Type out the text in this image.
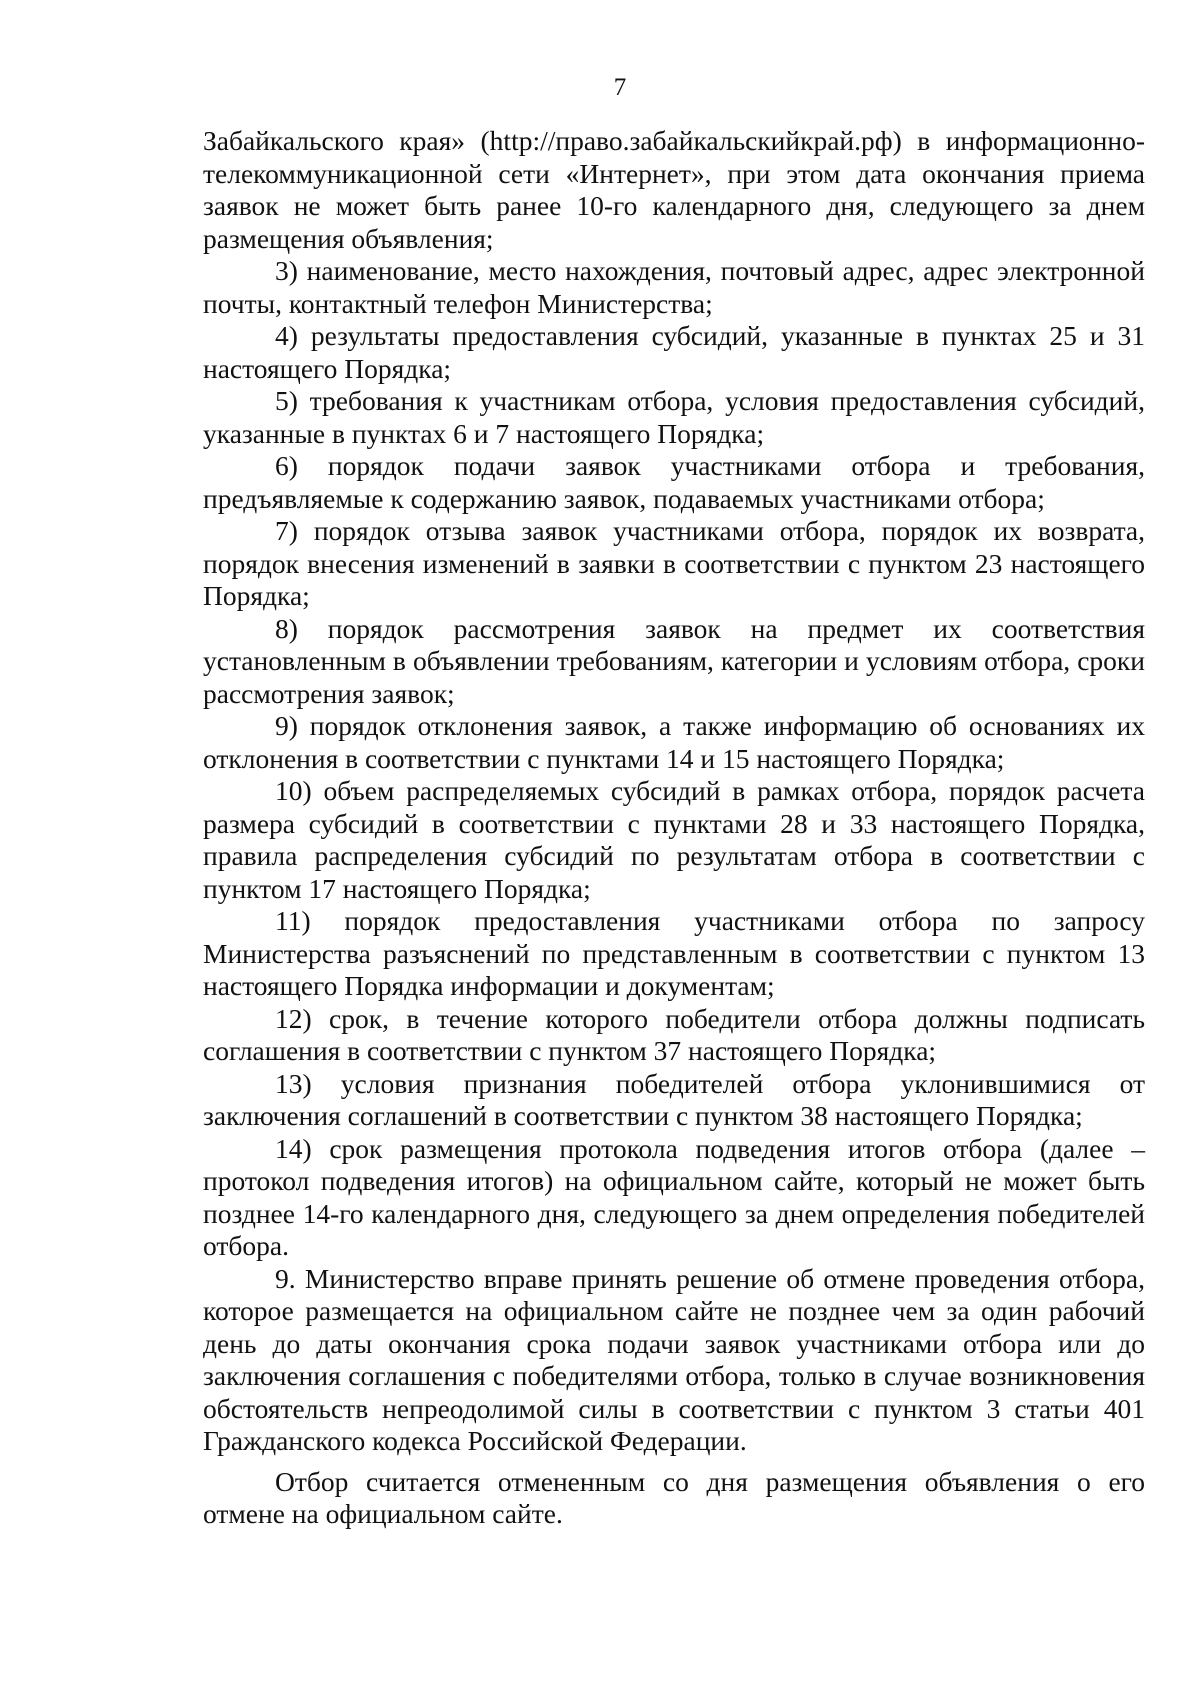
7

Забайкальского края» (http://право.забайкальскийкрай.рф) в информационно-телекоммуникационной сети «Интернет», при этом дата окончания приема заявок не может быть ранее 10-го календарного дня, следующего за днем размещения объявления;

3) наименование, место нахождения, почтовый адрес, адрес электронной почты, контактный телефон Министерства;

4) результаты предоставления субсидий, указанные в пунктах 25 и 31 настоящего Порядка;

5) требования к участникам отбора, условия предоставления субсидий, указанные в пунктах 6 и 7 настоящего Порядка;

6) порядок подачи заявок участниками отбора и требования, предъявляемые к содержанию заявок, подаваемых участниками отбора;

7) порядок отзыва заявок участниками отбора, порядок их возврата, порядок внесения изменений в заявки в соответствии с пунктом 23 настоящего Порядка;

8) порядок рассмотрения заявок на предмет их соответствия установленным в объявлении требованиям, категории и условиям отбора, сроки рассмотрения заявок;

9) порядок отклонения заявок, а также информацию об основаниях их отклонения в соответствии с пунктами 14 и 15 настоящего Порядка;

10) объем распределяемых субсидий в рамках отбора, порядок расчета размера субсидий в соответствии с пунктами 28 и 33 настоящего Порядка, правила распределения субсидий по результатам отбора в соответствии с пунктом 17 настоящего Порядка;

11) порядок предоставления участниками отбора по запросу Министерства разъяснений по представленным в соответствии с пунктом 13 настоящего Порядка информации и документам;

12) срок, в течение которого победители отбора должны подписать соглашения в соответствии с пунктом 37 настоящего Порядка;

13) условия признания победителей отбора уклонившимися от заключения соглашений в соответствии с пунктом 38 настоящего Порядка;

14) срок размещения протокола подведения итогов отбора (далее – протокол подведения итогов) на официальном сайте, который не может быть позднее 14-го календарного дня, следующего за днем определения победителей отбора.

9. Министерство вправе принять решение об отмене проведения отбора, которое размещается на официальном сайте не позднее чем за один рабочий день до даты окончания срока подачи заявок участниками отбора или до заключения соглашения с победителями отбора, только в случае возникновения обстоятельств непреодолимой силы в соответствии с пунктом 3 статьи 401 Гражданского кодекса Российской Федерации.

Отбор считается отмененным со дня размещения объявления о его отмене на официальном сайте.
